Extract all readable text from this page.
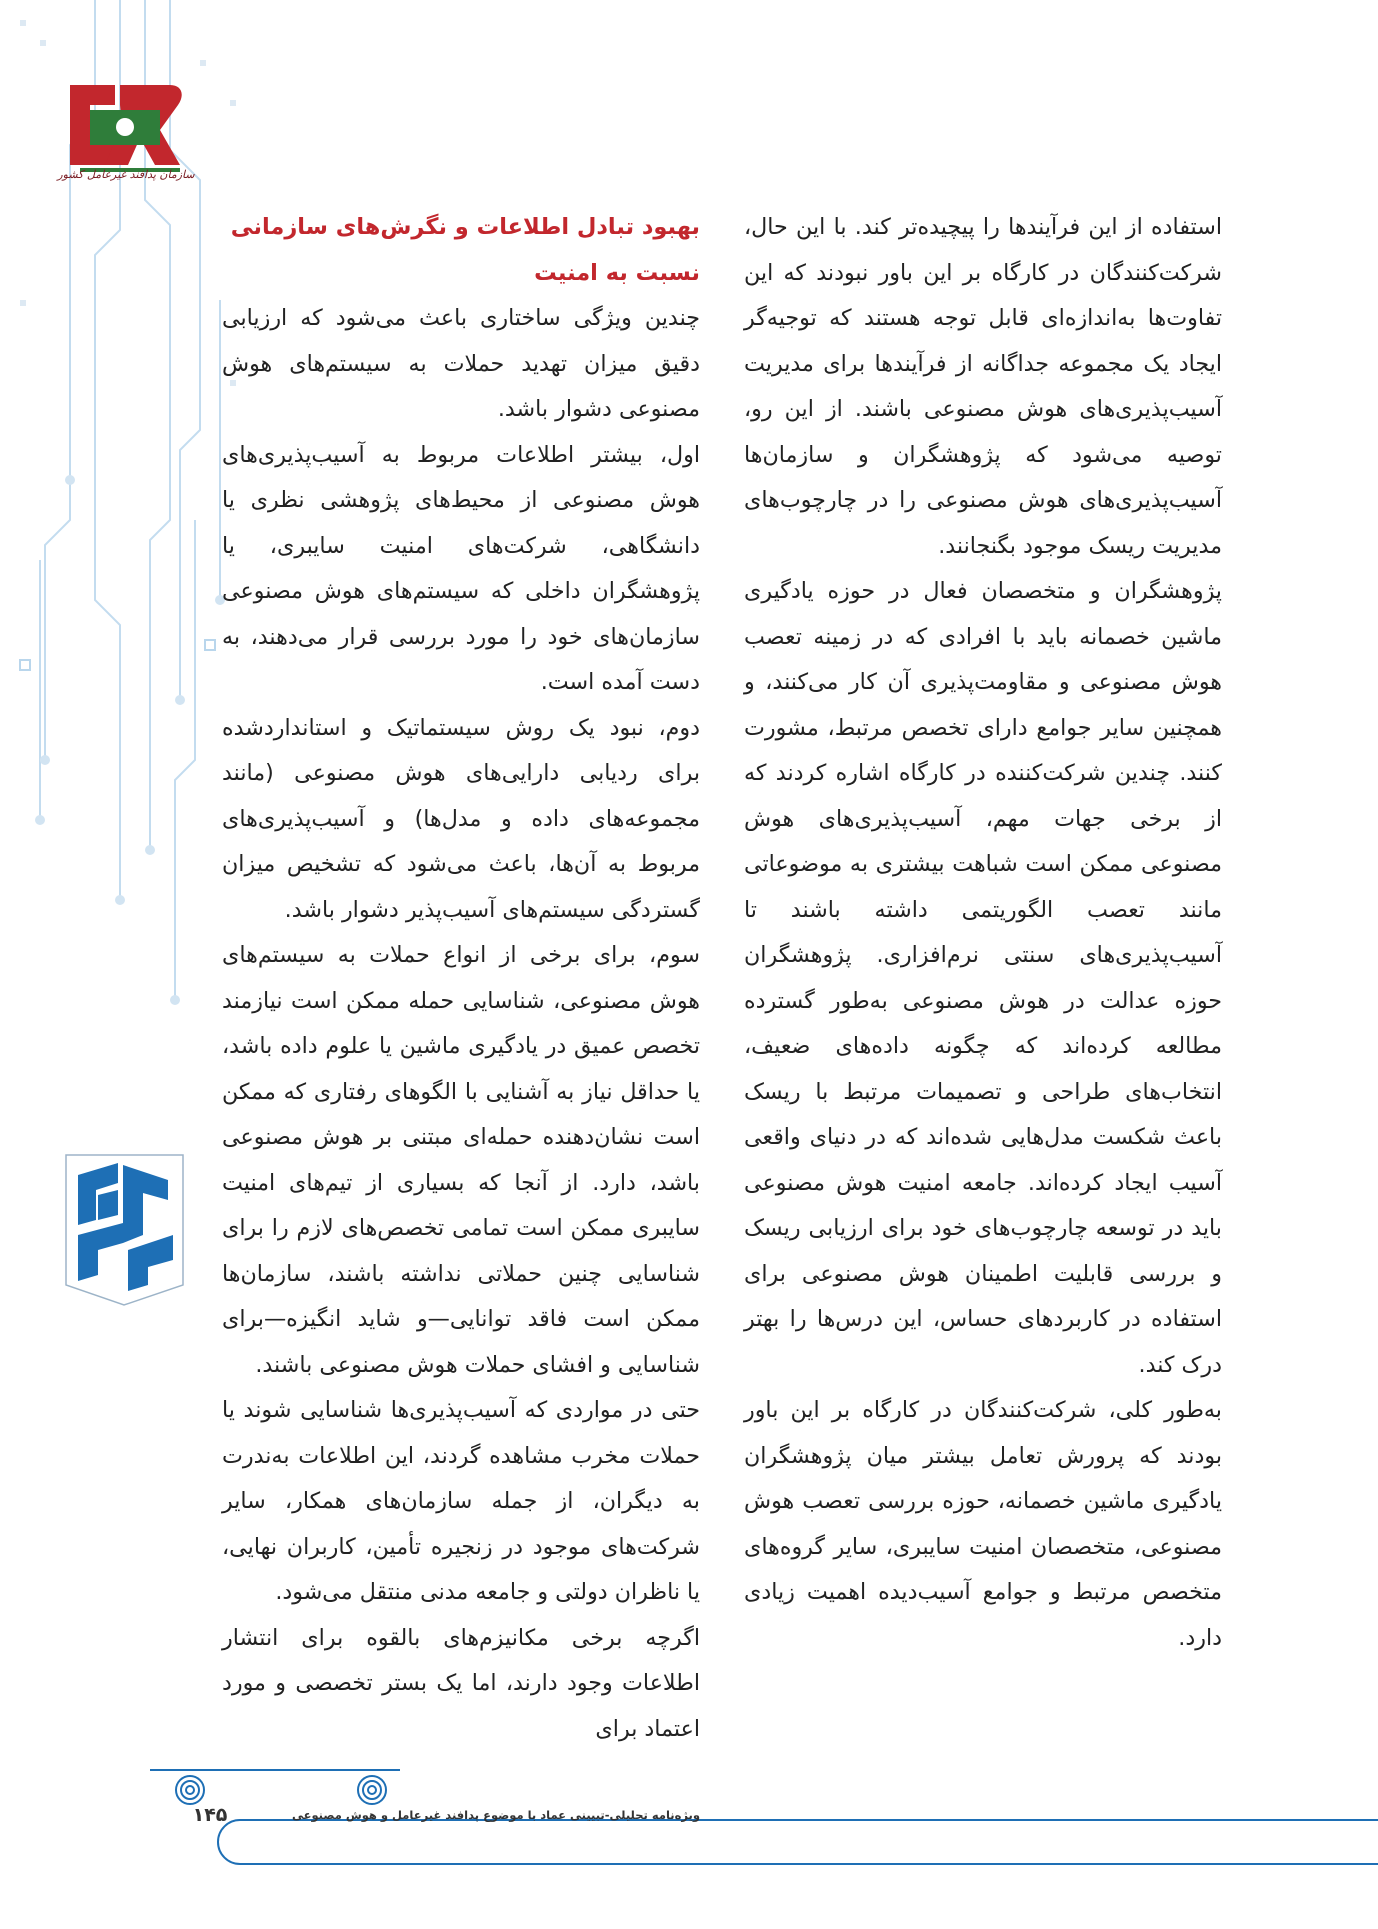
سازمان پدافند غیرعامل کشور

استفاده از این فرآیندها را پیچیده‌تر کند. با این حال، شرکت‌کنندگان در کارگاه بر این باور نبودند که این تفاوت‌ها به‌اندازه‌ای قابل توجه هستند که توجیه‌گر ایجاد یک مجموعه جداگانه از فرآیندها برای مدیریت آسیب‌پذیری‌های هوش مصنوعی باشند. از این رو، توصیه می‌شود که پژوهشگران و سازمان‌ها آسیب‌پذیری‌های هوش مصنوعی را در چارچوب‌های مدیریت ریسک موجود بگنجانند.

پژوهشگران و متخصصان فعال در حوزه یادگیری ماشین خصمانه باید با افرادی که در زمینه تعصب هوش مصنوعی و مقاومت‌پذیری آن کار می‌کنند، و همچنین سایر جوامع دارای تخصص مرتبط، مشورت کنند. چندین شرکت‌کننده در کارگاه اشاره کردند که از برخی جهات مهم، آسیب‌پذیری‌های هوش مصنوعی ممکن است شباهت بیشتری به موضوعاتی مانند تعصب الگوریتمی داشته باشند تا آسیب‌پذیری‌های سنتی نرم‌افزاری. پژوهشگران حوزه عدالت در هوش مصنوعی به‌طور گسترده مطالعه کرده‌اند که چگونه داده‌های ضعیف، انتخاب‌های طراحی و تصمیمات مرتبط با ریسک باعث شکست مدل‌هایی شده‌اند که در دنیای واقعی آسیب ایجاد کرده‌اند. جامعه امنیت هوش مصنوعی باید در توسعه چارچوب‌های خود برای ارزیابی ریسک و بررسی قابلیت اطمینان هوش مصنوعی برای استفاده در کاربردهای حساس، این درس‌ها را بهتر درک کند.

به‌طور کلی، شرکت‌کنندگان در کارگاه بر این باور بودند که پرورش تعامل بیشتر میان پژوهشگران یادگیری ماشین خصمانه، حوزه بررسی تعصب هوش مصنوعی، متخصصان امنیت سایبری، سایر گروه‌های متخصص مرتبط و جوامع آسیب‌دیده اهمیت زیادی دارد.

بهبود تبادل اطلاعات و نگرش‌های سازمانی نسبت به امنیت

چندین ویژگی ساختاری باعث می‌شود که ارزیابی دقیق میزان تهدید حملات به سیستم‌های هوش مصنوعی دشوار باشد.

اول، بیشتر اطلاعات مربوط به آسیب‌پذیری‌های هوش مصنوعی از محیط‌های پژوهشی نظری یا دانشگاهی، شرکت‌های امنیت سایبری، یا پژوهشگران داخلی که سیستم‌های هوش مصنوعی سازمان‌های خود را مورد بررسی قرار می‌دهند، به دست آمده است.

دوم، نبود یک روش سیستماتیک و استانداردشده برای ردیابی دارایی‌های هوش مصنوعی (مانند مجموعه‌های داده و مدل‌ها) و آسیب‌پذیری‌های مربوط به آن‌ها، باعث می‌شود که تشخیص میزان گستردگی سیستم‌های آسیب‌پذیر دشوار باشد.

سوم، برای برخی از انواع حملات به سیستم‌های هوش مصنوعی، شناسایی حمله ممکن است نیازمند تخصص عمیق در یادگیری ماشین یا علوم داده باشد، یا حداقل نیاز به آشنایی با الگوهای رفتاری که ممکن است نشان‌دهنده حمله‌ای مبتنی بر هوش مصنوعی باشد، دارد. از آنجا که بسیاری از تیم‌های امنیت سایبری ممکن است تمامی تخصص‌های لازم را برای شناسایی چنین حملاتی نداشته باشند، سازمان‌ها ممکن است فاقد توانایی—و شاید انگیزه—برای شناسایی و افشای حملات هوش مصنوعی باشند.

حتی در مواردی که آسیب‌پذیری‌ها شناسایی شوند یا حملات مخرب مشاهده گردند، این اطلاعات به‌ندرت به دیگران، از جمله سازمان‌های همکار، سایر شرکت‌های موجود در زنجیره تأمین، کاربران نهایی، یا ناظران دولتی و جامعه مدنی منتقل می‌شود.

اگرچه برخی مکانیزم‌های بالقوه برای انتشار اطلاعات وجود دارند، اما یک بستر تخصصی و مورد اعتماد برای

ویژه‌نامه تحلیلی-تبیینی عماد با موضوع پدافند غیرعامل و هوش مصنوعی
۱۴۵
